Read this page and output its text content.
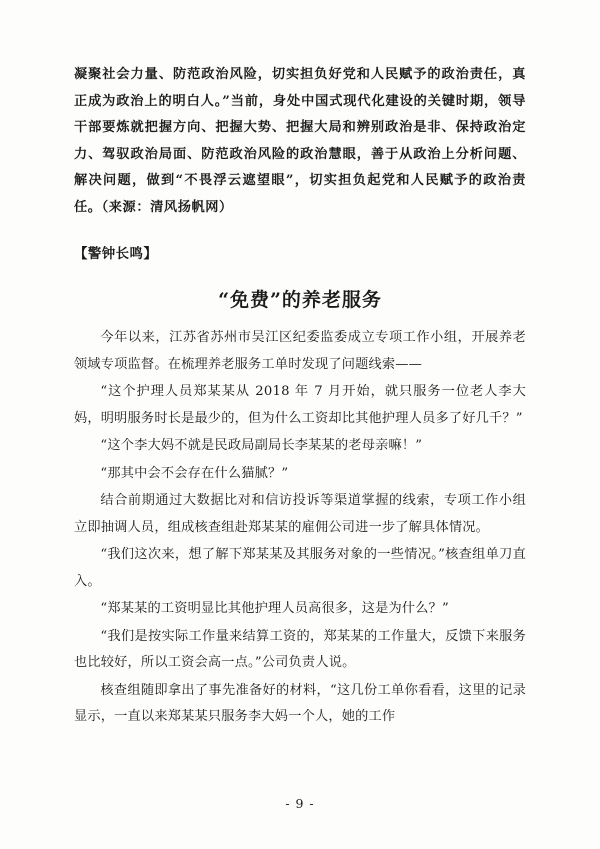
凝聚社会力量、防范政治风险，切实担负好党和人民赋予的政治责任，真正成为政治上的明白人。”当前，身处中国式现代化建设的关键时期，领导干部要炼就把握方向、把握大势、把握大局和辨别政治是非、保持政治定力、驾驭政治局面、防范政治风险的政治慧眼，善于从政治上分析问题、解决问题，做到“不畏浮云遮望眼”，切实担负起党和人民赋予的政治责任。（来源：清风扬帆网）

【警钟长鸣】

“免费”的养老服务

今年以来，江苏省苏州市吴江区纪委监委成立专项工作小组，开展养老领域专项监督。在梳理养老服务工单时发现了问题线索——

“这个护理人员郑某某从 2018 年 7 月开始，就只服务一位老人李大妈，明明服务时长是最少的，但为什么工资却比其他护理人员多了好几千？”

“这个李大妈不就是民政局副局长李某某的老母亲嘛！”

“那其中会不会存在什么猫腻？”

结合前期通过大数据比对和信访投诉等渠道掌握的线索，专项工作小组立即抽调人员，组成核查组赴郑某某的雇佣公司进一步了解具体情况。

“我们这次来，想了解下郑某某及其服务对象的一些情况。”核查组单刀直入。

“郑某某的工资明显比其他护理人员高很多，这是为什么？”

“我们是按实际工作量来结算工资的，郑某某的工作量大，反馈下来服务也比较好，所以工资会高一点。”公司负责人说。

核查组随即拿出了事先准备好的材料，“这几份工单你看看，这里的记录显示，一直以来郑某某只服务李大妈一个人，她的工作

- 9 -
